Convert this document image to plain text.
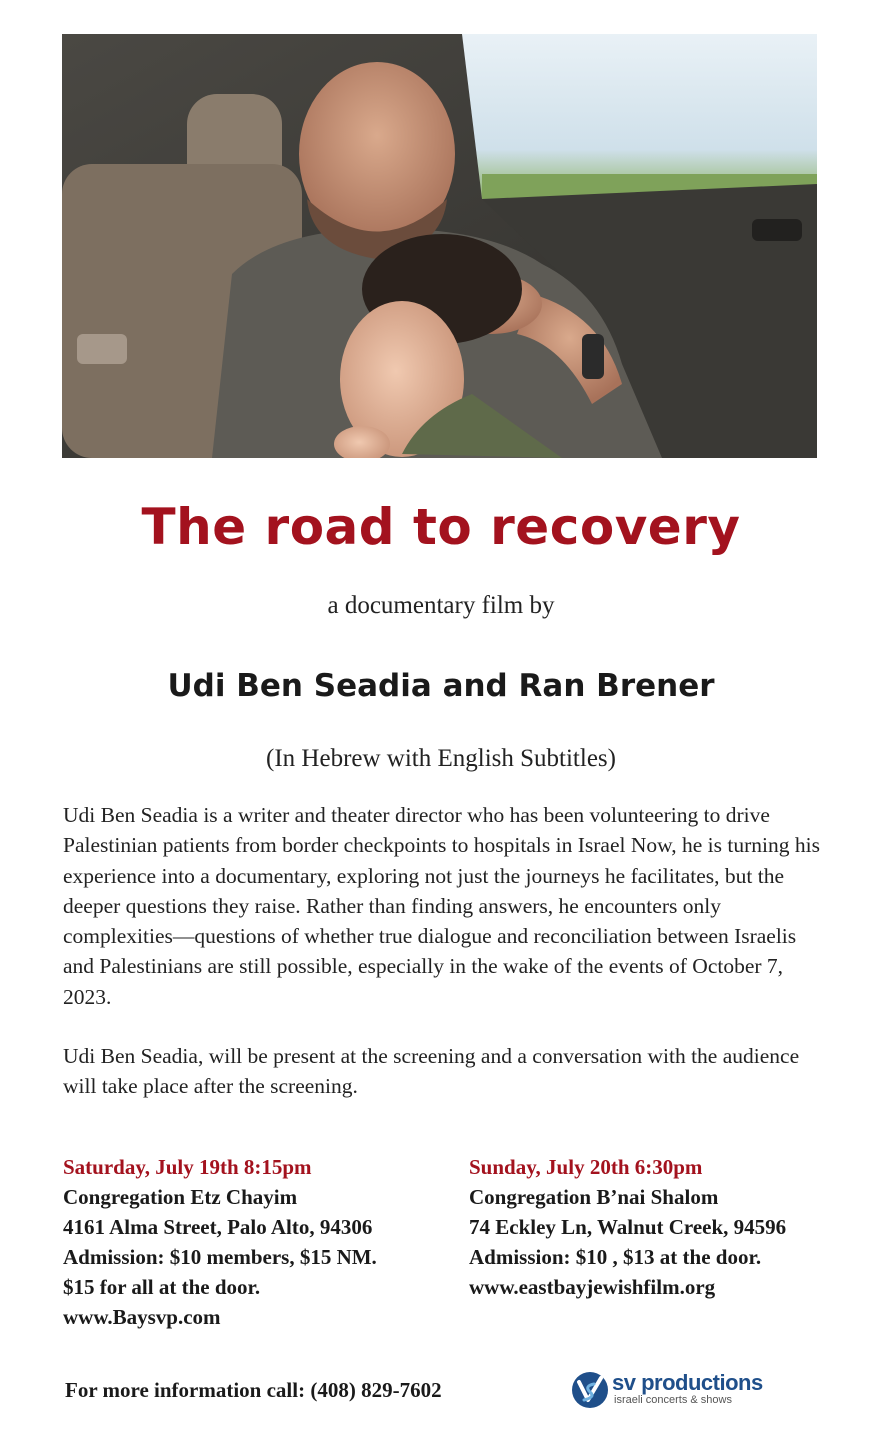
The road to recovery
a documentary film by
Udi Ben Seadia and Ran Brener
(In Hebrew with English Subtitles)

Udi Ben Seadia is a writer and theater director who has been volunteering to drive Palestinian patients from border checkpoints to hospitals in Israel Now, he is turning his experience into a documentary, exploring not just the journeys he facilitates, but the deeper questions they raise. Rather than finding answers, he encounters only complexities—questions of whether true dialogue and reconciliation between Israelis and Palestinians are still possible, especially in the wake of the events of October 7, 2023.

Udi Ben Seadia, will be present at the screening and a conversation with the audience will take place after the screening.

Saturday, July 19th 8:15pm
Congregation Etz Chayim
4161 Alma Street, Palo Alto, 94306
Admission: $10 members, $15 NM.
$15 for all at the door.
www.Baysvp.com
Sunday, July 20th 6:30pm
Congregation B’nai Shalom
74 Eckley Ln, Walnut Creek, 94596
Admission: $10 , $13 at the door.
www.eastbayjewishfilm.org
For more information call: (408) 829-7602	sv productions
israeli concerts & shows
